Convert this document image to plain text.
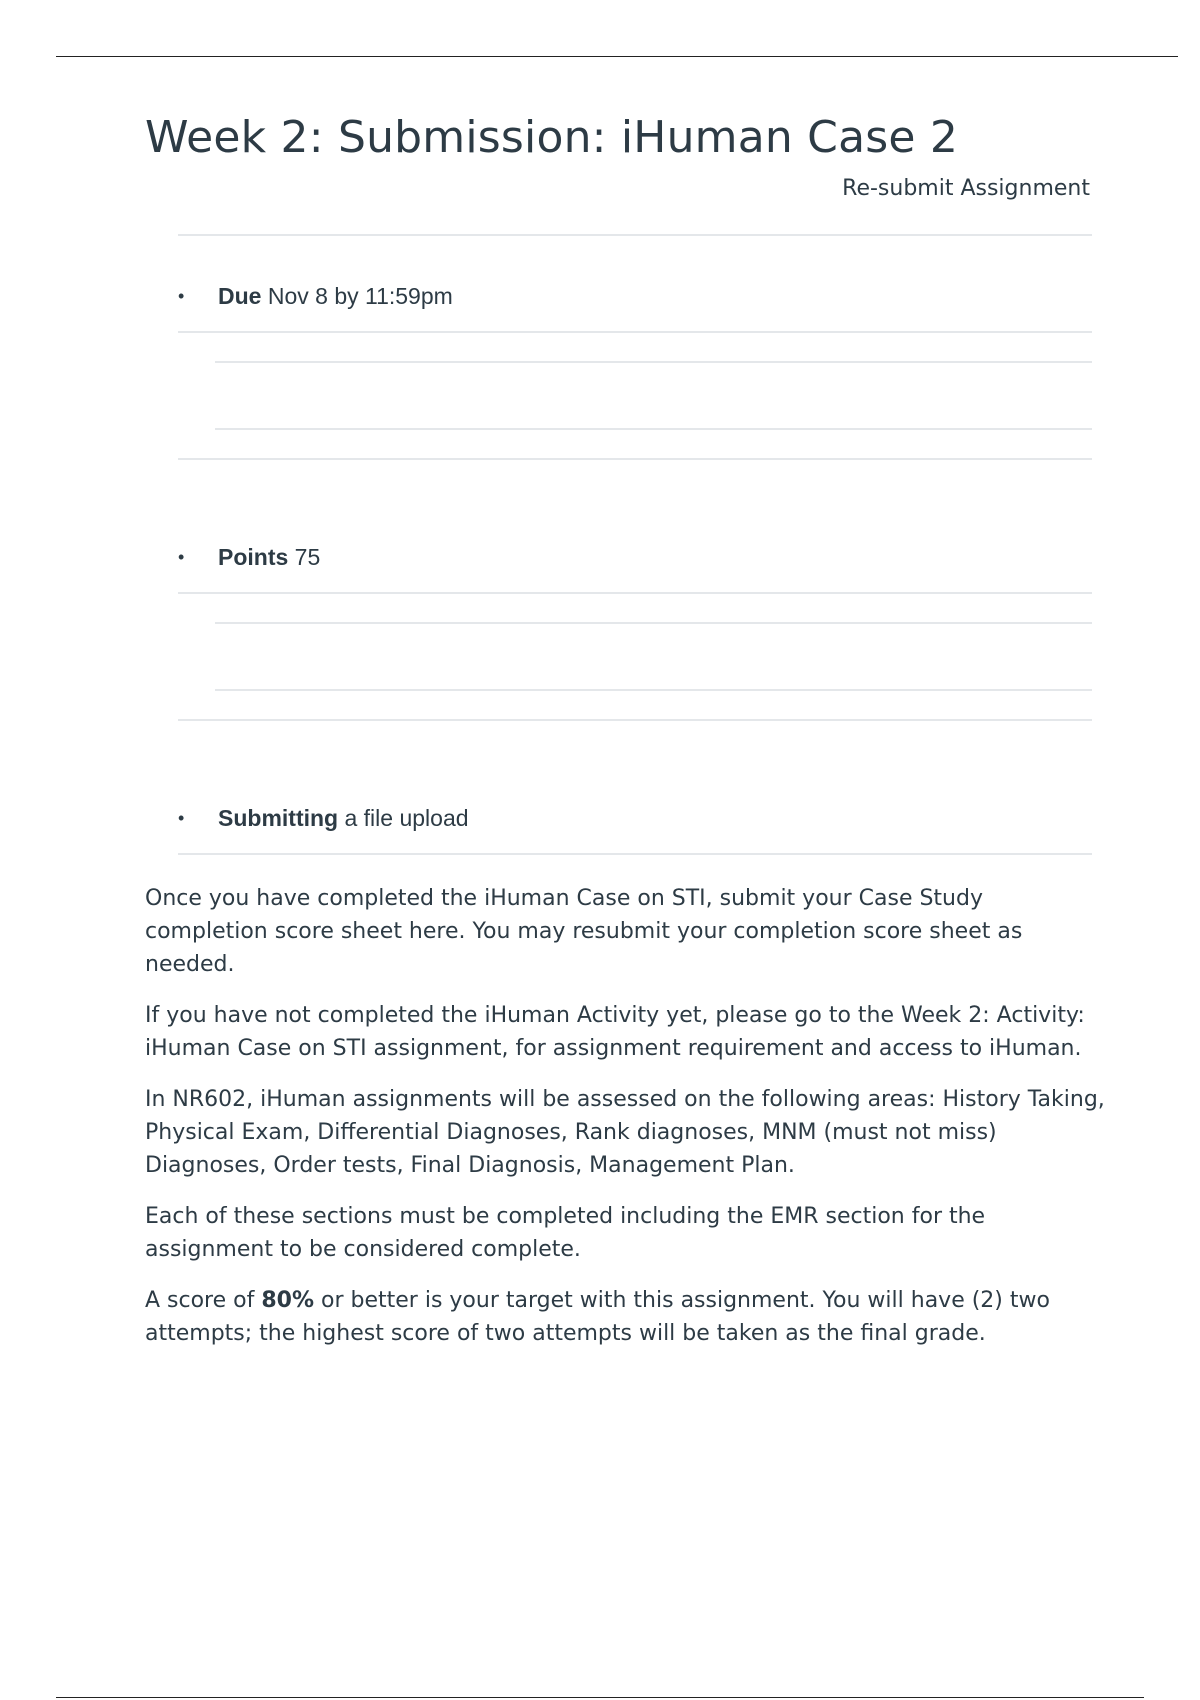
Week 2: Submission: iHuman Case 2
Re-submit Assignment
• Due Nov 8 by 11:59pm
• Points 75
• Submitting a file upload

Once you have completed the iHuman Case on STI, submit your Case Study completion score sheet here. You may resubmit your completion score sheet as needed.

If you have not completed the iHuman Activity yet, please go to the Week 2: Activity: iHuman Case on STI assignment, for assignment requirement and access to iHuman.

In NR602, iHuman assignments will be assessed on the following areas: History Taking, Physical Exam, Differential Diagnoses, Rank diagnoses, MNM (must not miss) Diagnoses, Order tests, Final Diagnosis, Management Plan.

Each of these sections must be completed including the EMR section for the assignment to be considered complete.

A score of 80% or better is your target with this assignment. You will have (2) two attempts; the highest score of two attempts will be taken as the final grade.
